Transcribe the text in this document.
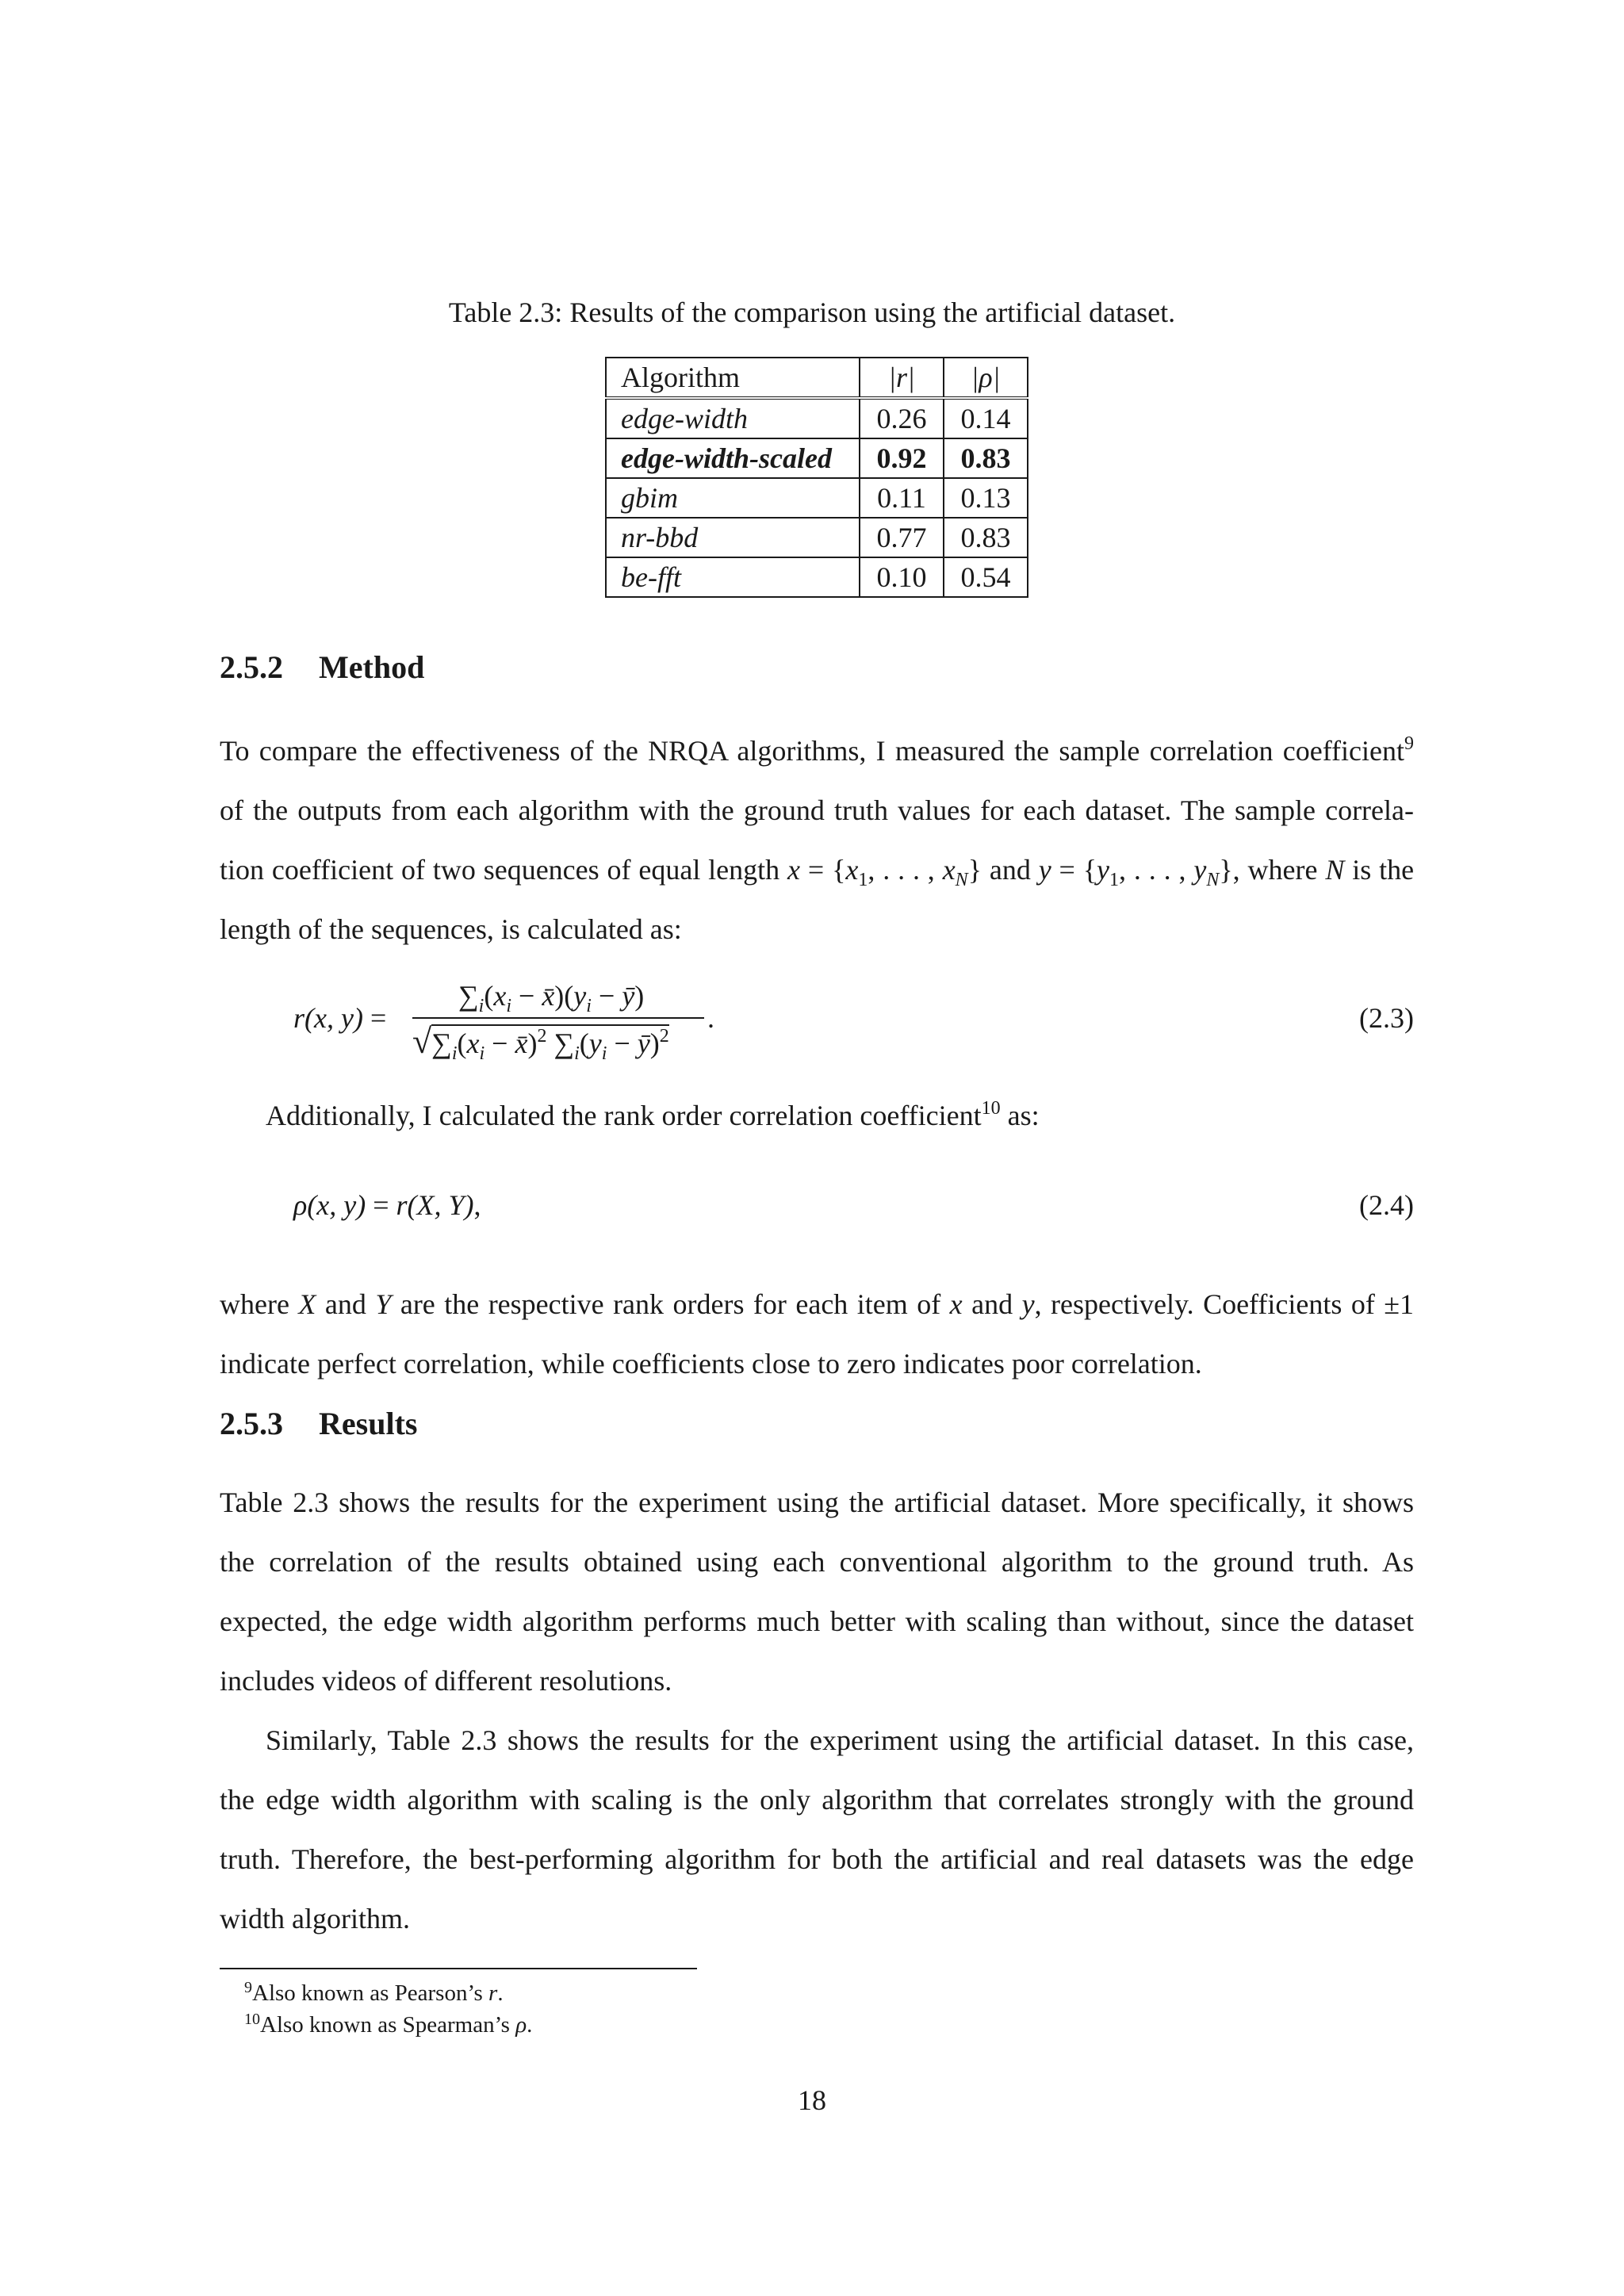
Table 2.3: Results of the comparison using the artificial dataset.
Algorithm	|r|	|ρ|
edge-width	0.26	0.14
edge-width-scaled	0.92	0.83
gbim	0.11	0.13
nr-bbd	0.77	0.83
be-fft	0.10	0.54
2.5.2 Method
To compare the effectiveness of the NRQA algorithms, I measured the sample correlation coefficient$^9$
of the outputs from each algorithm with the ground truth values for each dataset. The sample correla-
tion coefficient of two sequences of equal length $x = \{x_1$, . . . , $x_N$} and $y = \{y_1$, . . . , $y_N$}, where N is the
length of the sequences, is calculated as:
r(x, y) =
$\sum_i(x_i$ − $x̄)(y_i$ − ȳ)
$√\sum_i(x_i$ − x̄)$^2$ $\sum_i(y_i$ − ȳ)$^2$
.	(2.3)
Additionally, I calculated the rank order correlation coefficient$^{10}$ as:
ρ(x, y) = r(X, Y),	(2.4)
where X and Y are the respective rank orders for each item of x and y, respectively. Coefficients of ±1
indicate perfect correlation, while coefficients close to zero indicates poor correlation.
2.5.3 Results
Table 2.3 shows the results for the experiment using the artificial dataset. More specifically, it shows
the correlation of the results obtained using each conventional algorithm to the ground truth. As
expected, the edge width algorithm performs much better with scaling than without, since the dataset
includes videos of different resolutions.
Similarly, Table 2.3 shows the results for the experiment using the artificial dataset. In this case,
the edge width algorithm with scaling is the only algorithm that correlates strongly with the ground
truth. Therefore, the best-performing algorithm for both the artificial and real datasets was the edge
width algorithm.
$^9$Also known as Pearson’s r.
$^{10}$Also known as Spearman’s ρ.
18
